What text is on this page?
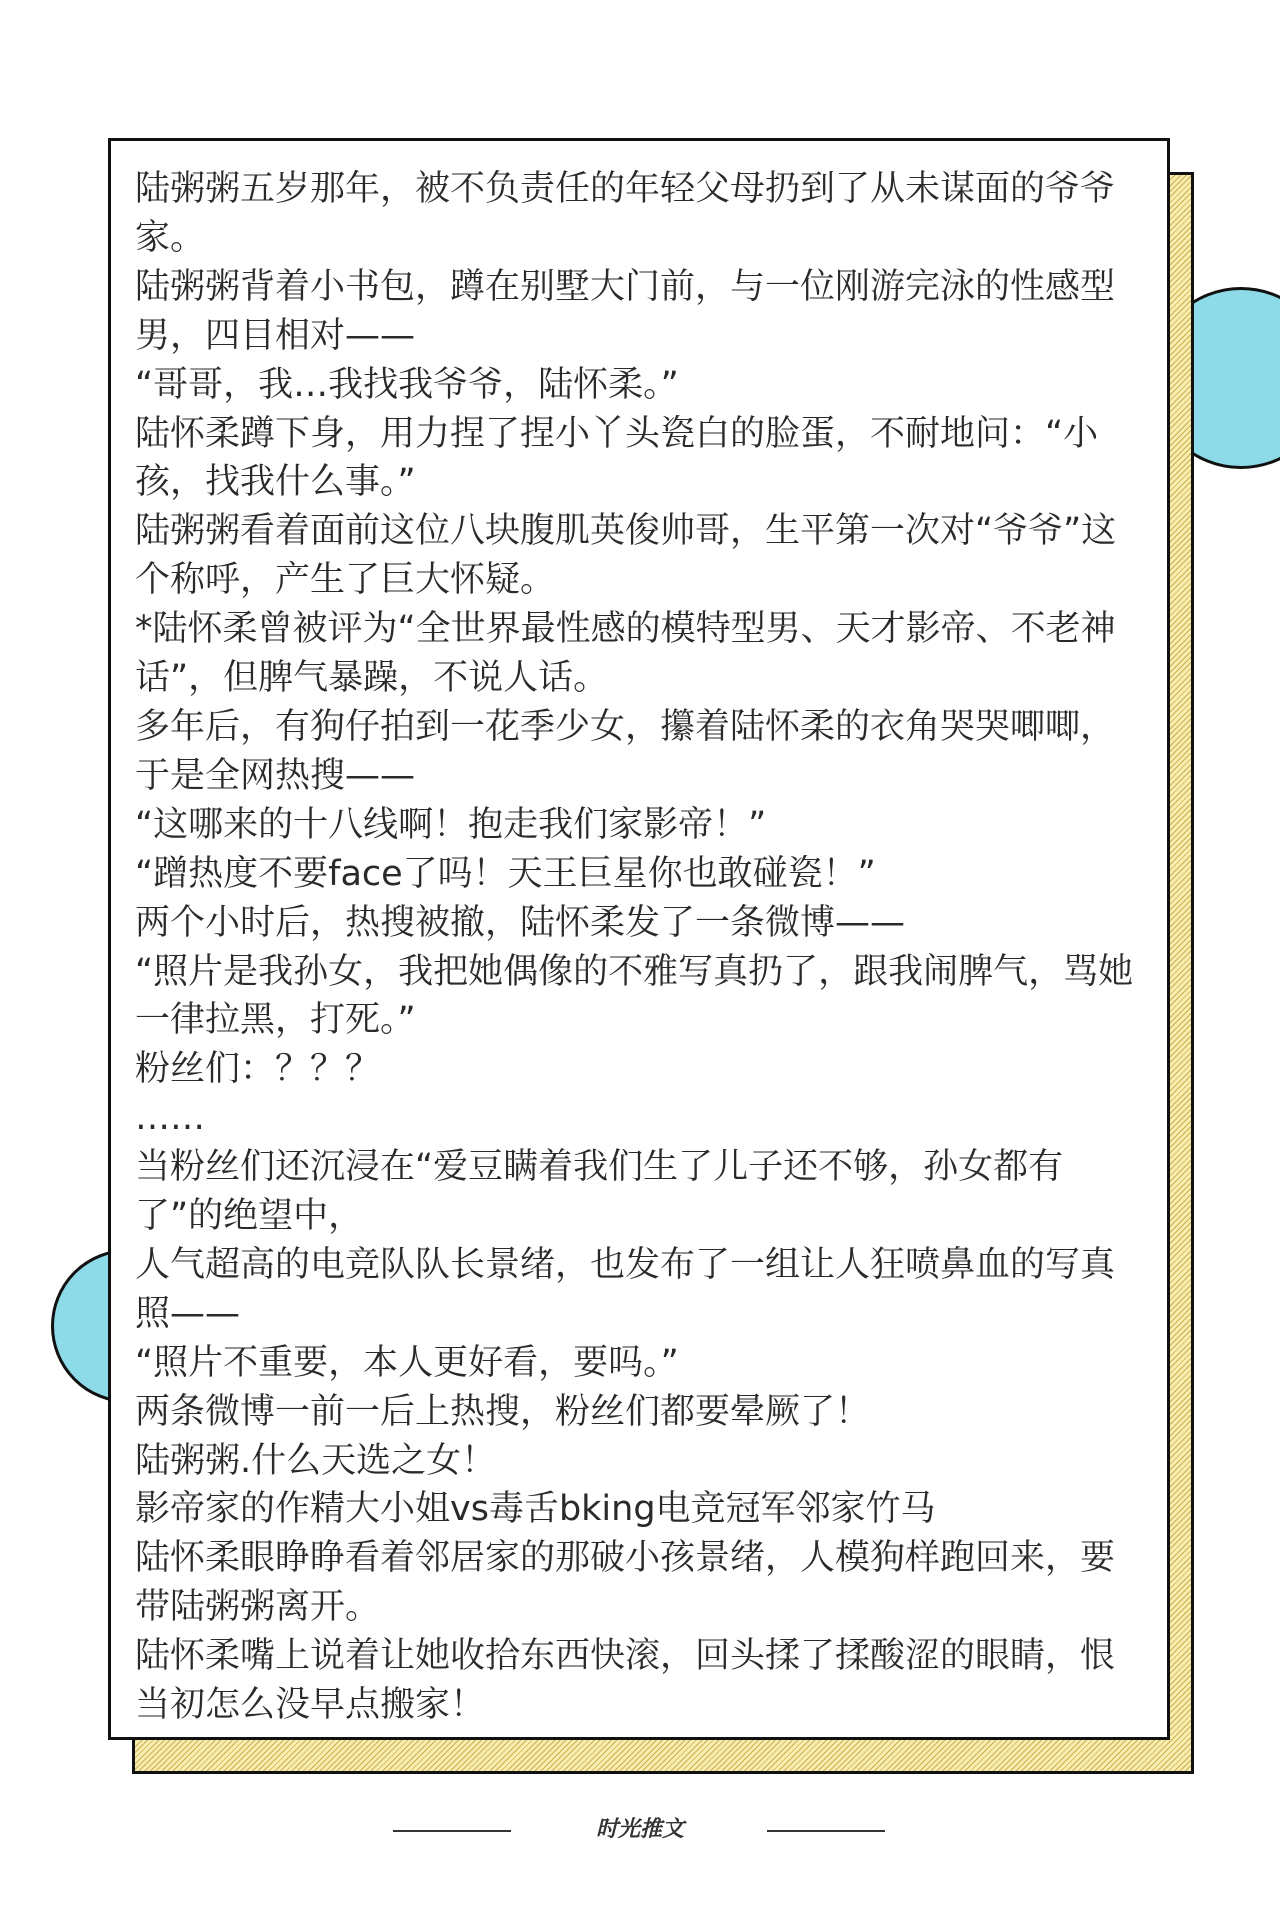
陆粥粥五岁那年，被不负责任的年轻父母扔到了从未谋面的爷爷家。

陆粥粥背着小书包，蹲在别墅大门前，与一位刚游完泳的性感型男，四目相对——

“哥哥，我…我找我爷爷，陆怀柔。”

陆怀柔蹲下身，用力捏了捏小丫头瓷白的脸蛋，不耐地问：“小孩，找我什么事。”

陆粥粥看着面前这位八块腹肌英俊帅哥，生平第一次对“爷爷”这个称呼，产生了巨大怀疑。

*陆怀柔曾被评为“全世界最性感的模特型男、天才影帝、不老神话”，但脾气暴躁，不说人话。

多年后，有狗仔拍到一花季少女，攥着陆怀柔的衣角哭哭唧唧，于是全网热搜——

“这哪来的十八线啊！抱走我们家影帝！”

“蹭热度不要face了吗！天王巨星你也敢碰瓷！”

两个小时后，热搜被撤，陆怀柔发了一条微博——

“照片是我孙女，我把她偶像的不雅写真扔了，跟我闹脾气，骂她一律拉黑，打死。”

粉丝们：？？？

……

当粉丝们还沉浸在“爱豆瞒着我们生了儿子还不够，孙女都有了”的绝望中，

人气超高的电竞队队长景绪，也发布了一组让人狂喷鼻血的写真照——

“照片不重要，本人更好看，要吗。”

两条微博一前一后上热搜，粉丝们都要晕厥了！

陆粥粥.什么天选之女！

影帝家的作精大小姐vs毒舌bking电竞冠军邻家竹马

陆怀柔眼睁睁看着邻居家的那破小孩景绪，人模狗样跑回来，要带陆粥粥离开。

陆怀柔嘴上说着让她收拾东西快滚，回头揉了揉酸涩的眼睛，恨当初怎么没早点搬家！

时光推文
